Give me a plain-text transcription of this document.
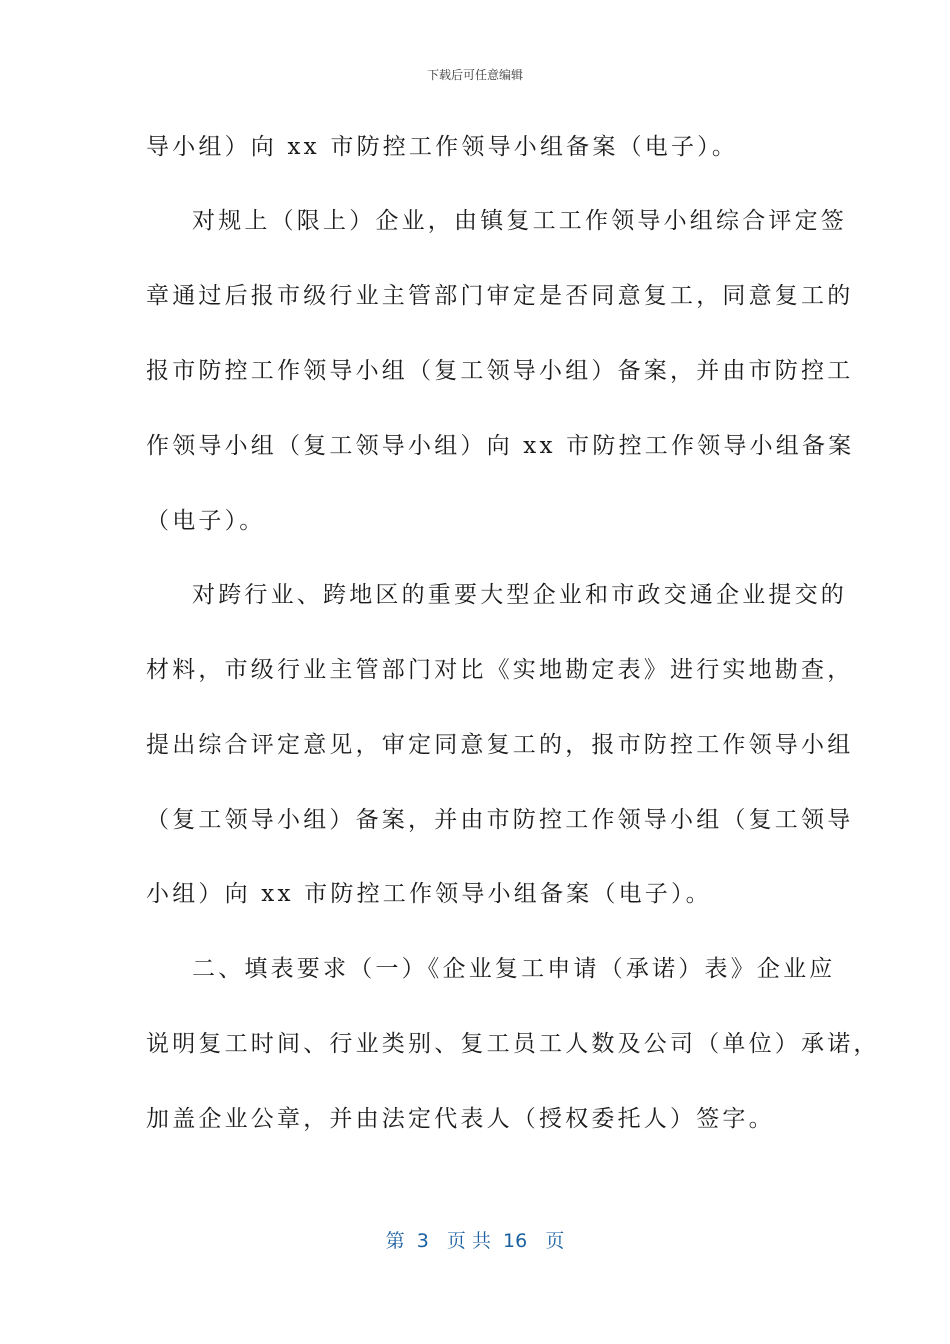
下载后可任意编辑
导小组）向 xx 市防控工作领导小组备案（电子）。
对规上（限上）企业，由镇复工工作领导小组综合评定签
章通过后报市级行业主管部门审定是否同意复工，同意复工的
报市防控工作领导小组（复工领导小组）备案，并由市防控工
作领导小组（复工领导小组）向 xx 市防控工作领导小组备案
（电子）。
对跨行业、跨地区的重要大型企业和市政交通企业提交的
材料，市级行业主管部门对比《实地勘定表》进行实地勘查，
提出综合评定意见，审定同意复工的，报市防控工作领导小组
（复工领导小组）备案，并由市防控工作领导小组（复工领导
小组）向 xx 市防控工作领导小组备案（电子）。
二、填表要求（一）《企业复工申请（承诺）表》企业应
说明复工时间、行业类别、复工员工人数及公司（单位）承诺，
加盖企业公章，并由法定代表人（授权委托人）签字。
第  3   页 共  16   页
